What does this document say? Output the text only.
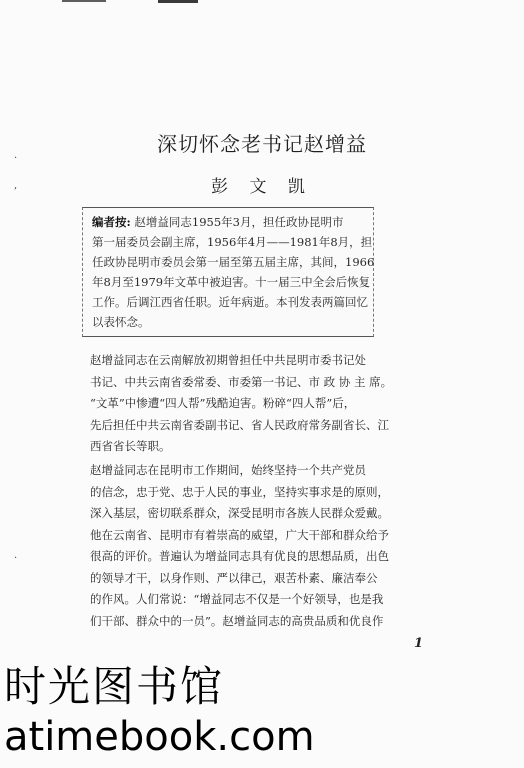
.
,
.
深切怀念老书记赵增益
彭 文 凯
编者按: 赵增益同志1955年3月，担任政协昆明市
第一届委员会副主席，1956年4月——1981年8月，担
任政协昆明市委员会第一届至第五届主席，其间，1966
年8月至1979年文革中被迫害。十一届三中全会后恢复
工作。后调江西省任职。近年病逝。本刊发表两篇回忆
以表怀念。
赵增益同志在云南解放初期曾担任中共昆明市委书记处
书记、中共云南省委常委、市委第一书记、市 政 协 主 席。
“文革”中惨遭“四人帮”残酷迫害。粉碎“四人帮”后，
先后担任中共云南省委副书记、省人民政府常务副省长、江
西省省长等职。
赵增益同志在昆明市工作期间，始终坚持一个共产党员
的信念，忠于党、忠于人民的事业，坚持实事求是的原则，
深入基层，密切联系群众，深受昆明市各族人民群众爱戴。
他在云南省、昆明市有着崇高的威望，广大干部和群众给予
很高的评价。普遍认为增益同志具有优良的思想品质，出色
的领导才干，以身作则、严以律己，艰苦朴素、廉洁奉公
的作风。人们常说：“增益同志不仅是一个好领导，也是我
们干部、群众中的一员”。赵增益同志的高贵品质和优良作
1
时光图书馆
atimebook.com
